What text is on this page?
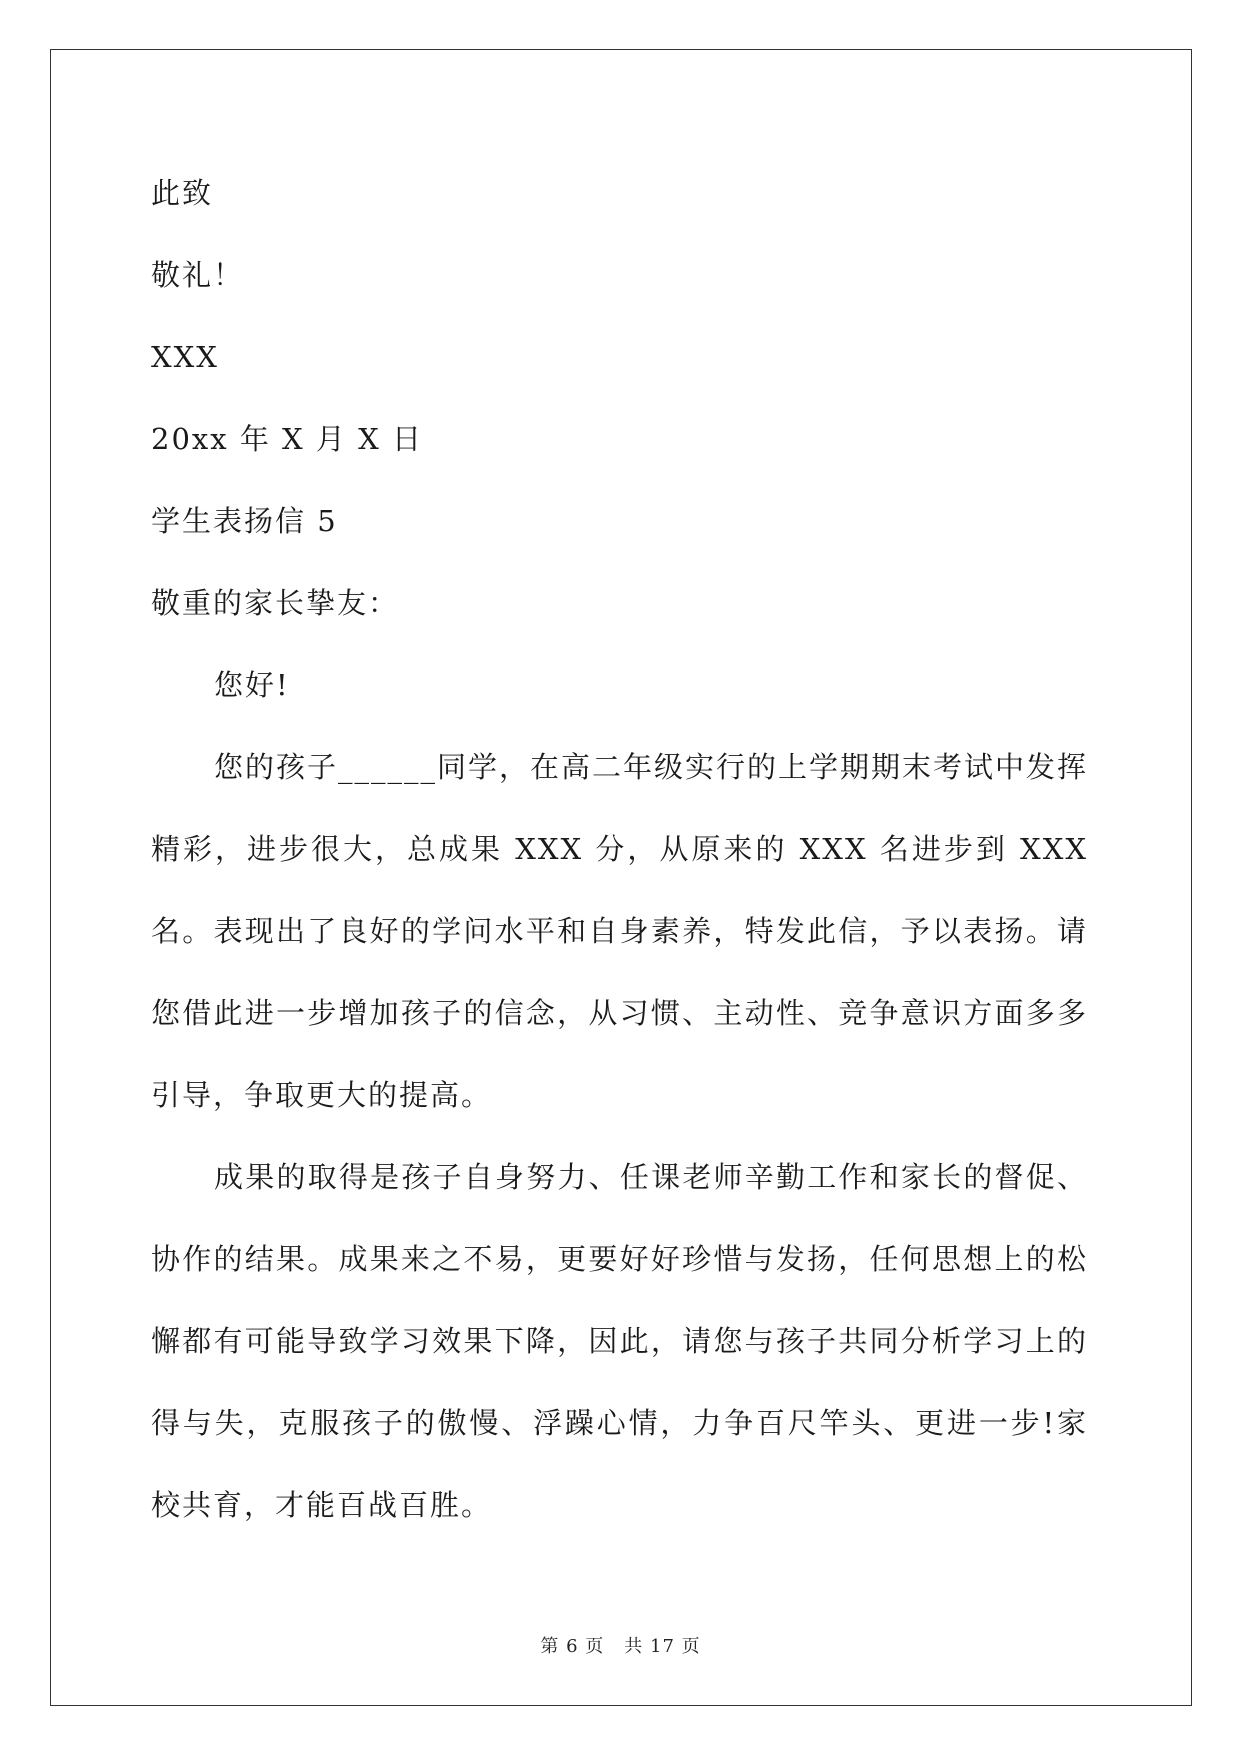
此致
敬礼！
XXX
20xx 年 X 月 X 日
学生表扬信 5
敬重的家长挚友：
您好!
您的孩子______同学，在高二年级实行的上学期期末考试中发挥精彩，进步很大，总成果 XXX 分，从原来的 XXX 名进步到 XXX 名。表现出了良好的学问水平和自身素养，特发此信，予以表扬。请您借此进一步增加孩子的信念，从习惯、主动性、竞争意识方面多多引导，争取更大的提高。
成果的取得是孩子自身努力、任课老师辛勤工作和家长的督促、协作的结果。成果来之不易，更要好好珍惜与发扬，任何思想上的松懈都有可能导致学习效果下降，因此，请您与孩子共同分析学习上的得与失，克服孩子的傲慢、浮躁心情，力争百尺竿头、更进一步!家校共育，才能百战百胜。
第 6 页 共 17 页
